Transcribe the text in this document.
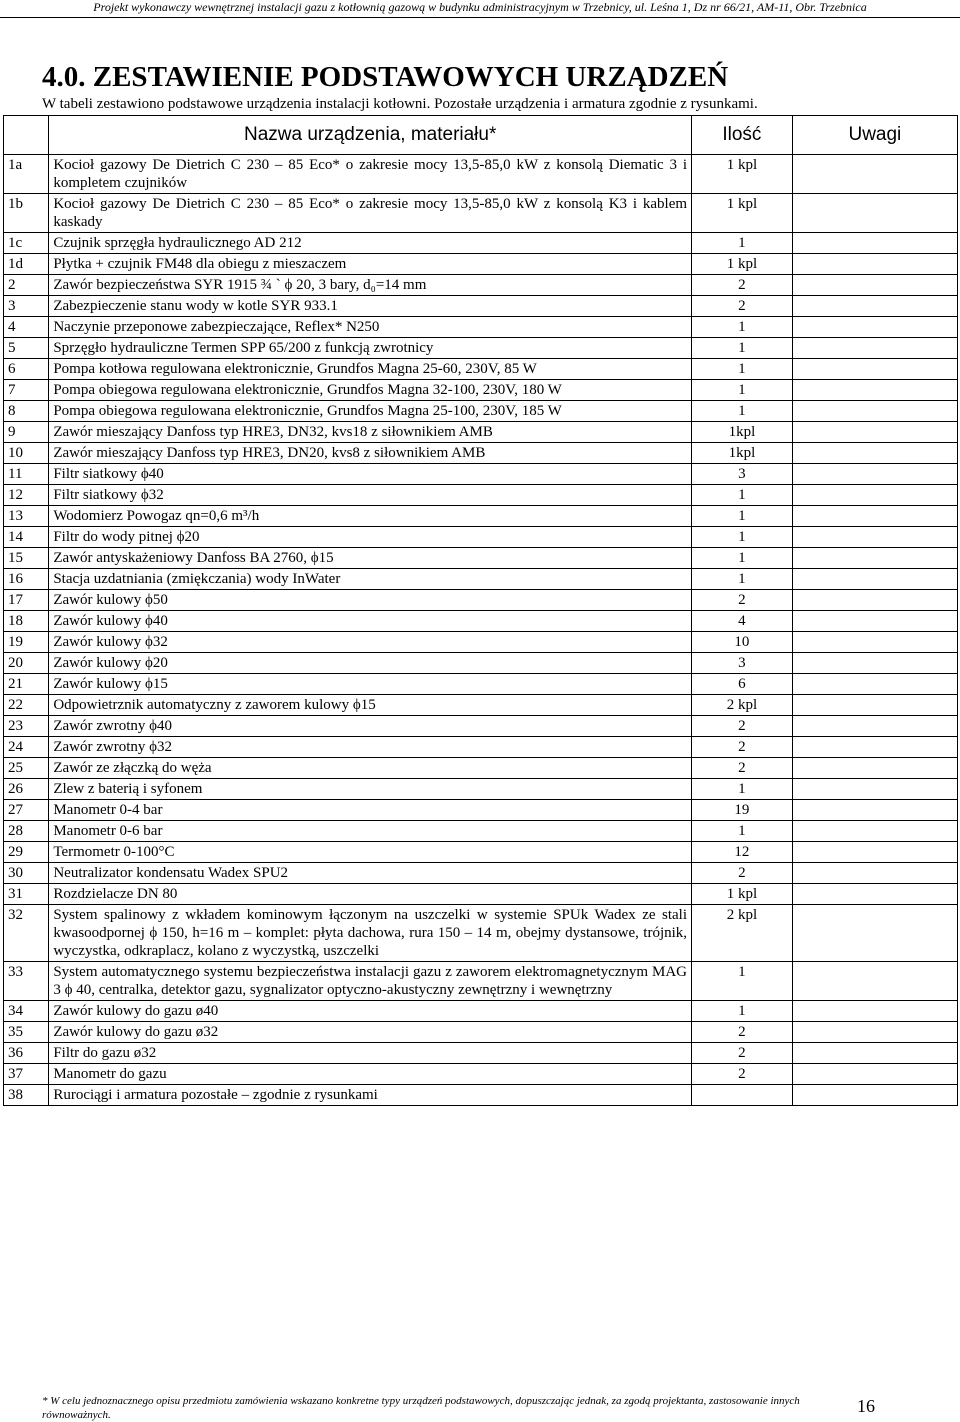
Projekt wykonawczy wewnętrznej instalacji gazu z kotłownią gazową w budynku administracyjnym w Trzebnicy, ul. Leśna 1, Dz nr 66/21, AM-11, Obr. Trzebnica
4.0. ZESTAWIENIE PODSTAWOWYCH URZĄDZEŃ
W tabeli zestawiono podstawowe urządzenia instalacji kotłowni. Pozostałe urządzenia i armatura zgodnie z rysunkami.
	Nazwa urządzenia, materiału*	Ilość	Uwagi
1a	Kocioł gazowy De Dietrich C 230 – 85 Eco* o zakresie mocy 13,5-85,0 kW z konsolą Diematic 3 i kompletem czujników	1 kpl	
1b	Kocioł gazowy De Dietrich C 230 – 85 Eco* o zakresie mocy 13,5-85,0 kW z konsolą K3 i kablem kaskady	1 kpl	
1c	Czujnik sprzęgła hydraulicznego AD 212	1	
1d	Płytka + czujnik FM48 dla obiegu z mieszaczem	1 kpl	
2	Zawór bezpieczeństwa SYR 1915 ¾ ` ϕ 20, 3 bary, d₀=14 mm	2	
3	Zabezpieczenie stanu wody w kotle SYR 933.1	2	
4	Naczynie przeponowe zabezpieczające, Reflex* N250	1	
5	Sprzęgło hydrauliczne Termen SPP 65/200 z funkcją zwrotnicy	1	
6	Pompa kotłowa regulowana elektronicznie, Grundfos Magna 25-60, 230V, 85 W	1	
7	Pompa obiegowa regulowana elektronicznie, Grundfos Magna 32-100, 230V, 180 W	1	
8	Pompa obiegowa regulowana elektronicznie, Grundfos Magna 25-100, 230V, 185 W	1	
9	Zawór mieszający Danfoss typ HRE3, DN32, kvs18 z siłownikiem AMB	1kpl	
10	Zawór mieszający Danfoss typ HRE3, DN20, kvs8 z siłownikiem AMB	1kpl	
11	Filtr siatkowy ϕ40	3	
12	Filtr siatkowy ϕ32	1	
13	Wodomierz Powogaz qn=0,6 m³/h	1	
14	Filtr do wody pitnej ϕ20	1	
15	Zawór antyskażeniowy Danfoss BA 2760, ϕ15	1	
16	Stacja uzdatniania (zmiękczania) wody InWater	1	
17	Zawór kulowy ϕ50	2	
18	Zawór kulowy ϕ40	4	
19	Zawór kulowy ϕ32	10	
20	Zawór kulowy ϕ20	3	
21	Zawór kulowy ϕ15	6	
22	Odpowietrznik automatyczny z zaworem kulowy ϕ15	2 kpl	
23	Zawór zwrotny ϕ40	2	
24	Zawór zwrotny ϕ32	2	
25	Zawór ze złączką do węża	2	
26	Zlew z baterią i syfonem	1	
27	Manometr 0-4 bar	19	
28	Manometr 0-6 bar	1	
29	Termometr 0-100°C	12	
30	Neutralizator kondensatu Wadex SPU2	2	
31	Rozdzielacze DN 80	1 kpl	
32	System spalinowy z wkładem kominowym łączonym na uszczelki w systemie SPUk Wadex ze stali kwasoodpornej ϕ 150, h=16 m – komplet: płyta dachowa, rura 150 – 14 m, obejmy dystansowe, trójnik, wyczystka, odkraplacz, kolano z wyczystką, uszczelki	2 kpl	
33	System automatycznego systemu bezpieczeństwa instalacji gazu z zaworem elektromagnetycznym MAG 3 ϕ 40, centralka, detektor gazu, sygnalizator optyczno-akustyczny zewnętrzny i wewnętrzny	1	
34	Zawór kulowy do gazu ø40	1	
35	Zawór kulowy do gazu ø32	2	
36	Filtr do gazu ø32	2	
37	Manometr do gazu	2	
38	Rurociągi i armatura pozostałe – zgodnie z rysunkami		
* W celu jednoznacznego opisu przedmiotu zamówienia wskazano konkretne typy urządzeń podstawowych, dopuszczając jednak, za zgodą projektanta, zastosowanie innych równoważnych.	16
